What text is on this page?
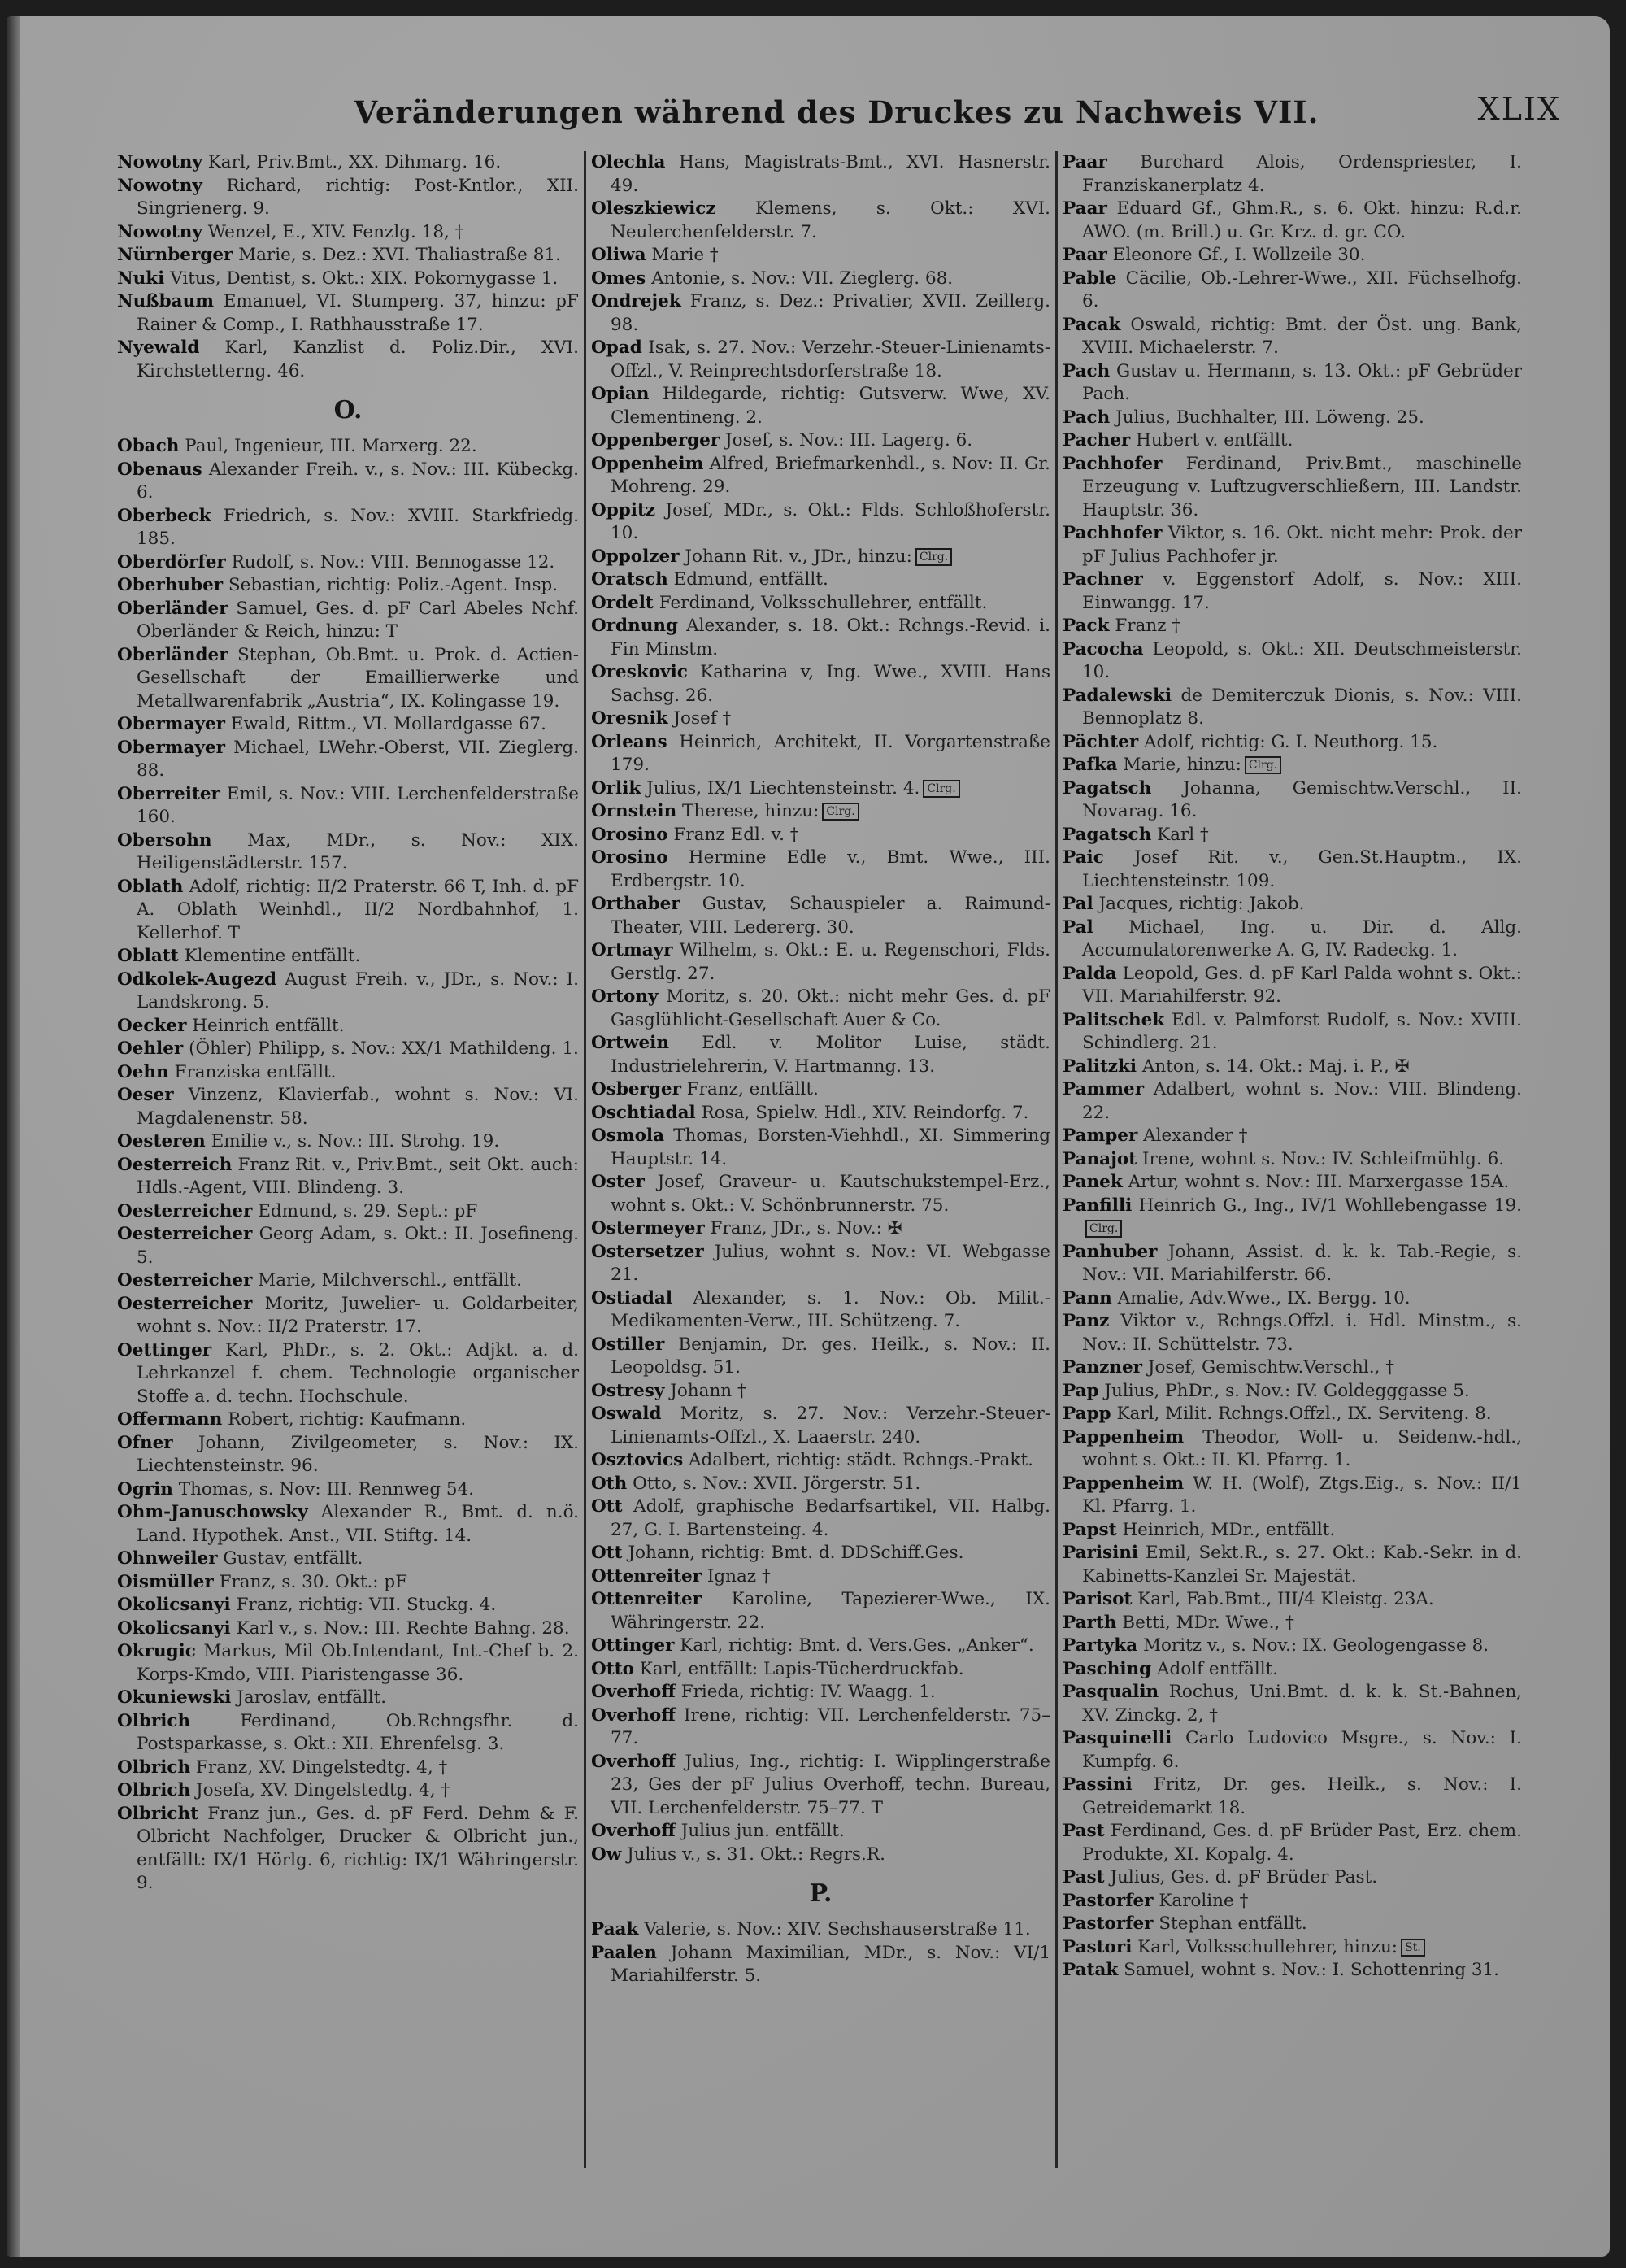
Veränderungen während des Druckes zu Nachweis VII.	XLIX

Nowotny Karl, Priv.Bmt., XX. Dihmarg. 16.

Nowotny Richard, richtig: Post-Kntlor., XII. Singrienerg. 9.

Nowotny Wenzel, E., XIV. Fenzlg. 18, †

Nürnberger Marie, s. Dez.: XVI. Thaliastraße 81.

Nuki Vitus, Dentist, s. Okt.: XIX. Pokornygasse 1.

Nußbaum Emanuel, VI. Stumperg. 37, hinzu: pF Rainer & Comp., I. Rathhausstraße 17.

Nyewald Karl, Kanzlist d. Poliz.Dir., XVI. Kirchstetterng. 46.

O.

Obach Paul, Ingenieur, III. Marxerg. 22.

Obenaus Alexander Freih. v., s. Nov.: III. Kübeckg. 6.

Oberbeck Friedrich, s. Nov.: XVIII. Starkfriedg. 185.

Oberdörfer Rudolf, s. Nov.: VIII. Bennogasse 12.

Oberhuber Sebastian, richtig: Poliz.-Agent. Insp.

Oberländer Samuel, Ges. d. pF Carl Abeles Nchf. Oberländer & Reich, hinzu: T

Oberländer Stephan, Ob.Bmt. u. Prok. d. Actien-Gesellschaft der Emaillierwerke und Metallwarenfabrik „Austria“, IX. Kolingasse 19.

Obermayer Ewald, Rittm., VI. Mollardgasse 67.

Obermayer Michael, LWehr.-Oberst, VII. Zieglerg. 88.

Oberreiter Emil, s. Nov.: VIII. Lerchenfelderstraße 160.

Obersohn Max, MDr., s. Nov.: XIX. Heiligenstädterstr. 157.

Oblath Adolf, richtig: II/2 Praterstr. 66 T, Inh. d. pF A. Oblath Weinhdl., II/2 Nordbahnhof, 1. Kellerhof. T

Oblatt Klementine entfällt.

Odkolek-Augezd August Freih. v., JDr., s. Nov.: I. Landskrong. 5.

Oecker Heinrich entfällt.

Oehler (Öhler) Philipp, s. Nov.: XX/1 Mathildeng. 1.

Oehn Franziska entfällt.

Oeser Vinzenz, Klavierfab., wohnt s. Nov.: VI. Magdalenenstr. 58.

Oesteren Emilie v., s. Nov.: III. Strohg. 19.

Oesterreich Franz Rit. v., Priv.Bmt., seit Okt. auch: Hdls.-Agent, VIII. Blindeng. 3.

Oesterreicher Edmund, s. 29. Sept.: pF

Oesterreicher Georg Adam, s. Okt.: II. Josefineng. 5.

Oesterreicher Marie, Milchverschl., entfällt.

Oesterreicher Moritz, Juwelier- u. Goldarbeiter, wohnt s. Nov.: II/2 Praterstr. 17.

Oettinger Karl, PhDr., s. 2. Okt.: Adjkt. a. d. Lehrkanzel f. chem. Technologie organischer Stoffe a. d. techn. Hochschule.

Offermann Robert, richtig: Kaufmann.

Ofner Johann, Zivilgeometer, s. Nov.: IX. Liechtensteinstr. 96.

Ogrin Thomas, s. Nov: III. Rennweg 54.

Ohm-Januschowsky Alexander R., Bmt. d. n.ö. Land. Hypothek. Anst., VII. Stiftg. 14.

Ohnweiler Gustav, entfällt.

Oismüller Franz, s. 30. Okt.: pF

Okolicsanyi Franz, richtig: VII. Stuckg. 4.

Okolicsanyi Karl v., s. Nov.: III. Rechte Bahng. 28.

Okrugic Markus, Mil Ob.Intendant, Int.-Chef b. 2. Korps-Kmdo, VIII. Piaristengasse 36.

Okuniewski Jaroslav, entfällt.

Olbrich	Ferdinand, Ob.Rchngsfhr. d. Postsparkasse, s. Okt.: XII. Ehrenfelsg. 3.

Olbrich Franz, XV. Dingelstedtg. 4, †

Olbrich Josefa, XV. Dingelstedtg. 4, †

Olbricht Franz jun., Ges. d. pF Ferd. Dehm & F. Olbricht Nachfolger, Drucker & Olbricht jun., entfällt: IX/1 Hörlg. 6, richtig: IX/1 Währingerstr. 9.

Olechla Hans, Magistrats-Bmt., XVI. Hasnerstr. 49.

Oleszkiewicz Klemens, s. Okt.: XVI. Neulerchenfelderstr. 7.

Oliwa Marie †

Omes Antonie, s. Nov.: VII. Zieglerg. 68.

Ondrejek Franz, s. Dez.: Privatier, XVII. Zeillerg. 98.

Opad Isak, s. 27. Nov.: Verzehr.-Steuer-Linienamts-Offzl., V. Reinprechtsdorferstraße 18.

Opian Hildegarde, richtig: Gutsverw. Wwe, XV. Clementineng. 2.

Oppenberger Josef, s. Nov.: III. Lagerg. 6.

Oppenheim Alfred, Briefmarkenhdl., s. Nov: II. Gr. Mohreng. 29.

Oppitz Josef, MDr., s. Okt.: Flds. Schloßhoferstr. 10.

Oppolzer Johann Rit. v., JDr., hinzu: Clrg.

Oratsch Edmund, entfällt.

Ordelt Ferdinand, Volksschullehrer, entfällt.

Ordnung Alexander, s. 18. Okt.: Rchngs.-Revid. i. Fin Minstm.

Oreskovic Katharina v, Ing. Wwe., XVIII. Hans Sachsg. 26.

Oresnik Josef †

Orleans Heinrich, Architekt, II. Vorgartenstraße 179.

Orlik Julius, IX/1 Liechtensteinstr. 4. Clrg.

Ornstein Therese, hinzu: Clrg.

Orosino Franz Edl. v. †

Orosino Hermine Edle v., Bmt. Wwe., III. Erdbergstr. 10.

Orthaber Gustav, Schauspieler a. Raimund-Theater, VIII. Ledererg. 30.

Ortmayr Wilhelm, s. Okt.: E. u. Regenschori, Flds. Gerstlg. 27.

Ortony Moritz, s. 20. Okt.: nicht mehr Ges. d. pF Gasglühlicht-Gesellschaft Auer & Co.

Ortwein Edl. v. Molitor Luise, städt. Industrielehrerin, V. Hartmanng. 13.

Osberger Franz, entfällt.

Oschtiadal Rosa, Spielw. Hdl., XIV. Reindorfg. 7.

Osmola Thomas, Borsten-Viehhdl., XI. Simmering Hauptstr. 14.

Oster Josef, Graveur- u. Kautschukstempel-Erz., wohnt s. Okt.: V. Schönbrunnerstr. 75.

Ostermeyer Franz, JDr., s. Nov.: ✠

Ostersetzer Julius, wohnt s. Nov.: VI. Webgasse 21.

Ostiadal Alexander, s. 1. Nov.: Ob. Milit.-Medikamenten-Verw., III. Schützeng. 7.

Ostiller Benjamin, Dr. ges. Heilk., s. Nov.: II. Leopoldsg. 51.

Ostresy Johann †

Oswald Moritz, s. 27. Nov.: Verzehr.-Steuer-Linienamts-Offzl., X. Laaerstr. 240.

Osztovics Adalbert, richtig: städt. Rchngs.-Prakt.

Oth Otto, s. Nov.: XVII. Jörgerstr. 51.

Ott Adolf, graphische Bedarfsartikel, VII. Halbg. 27, G. I. Bartensteing. 4.

Ott Johann, richtig: Bmt. d. DDSchiff.Ges.

Ottenreiter Ignaz †

Ottenreiter Karoline, Tapezierer-Wwe., IX. Währingerstr. 22.

Ottinger Karl, richtig: Bmt. d. Vers.Ges. „Anker“.

Otto Karl, entfällt: Lapis-Tücherdruckfab.

Overhoff Frieda, richtig: IV. Waagg. 1.

Overhoff Irene, richtig: VII. Lerchenfelderstr. 75–77.

Overhoff Julius, Ing., richtig: I. Wipplingerstraße 23, Ges der pF Julius Overhoff, techn. Bureau, VII. Lerchenfelderstr. 75–77. T

Overhoff Julius jun. entfällt.

Ow Julius v., s. 31. Okt.: Regrs.R.

P.

Paak Valerie, s. Nov.: XIV. Sechshauserstraße 11.

Paalen Johann Maximilian, MDr., s. Nov.: VI/1 Mariahilferstr. 5.

Paar Burchard Alois, Ordenspriester, I. Franziskanerplatz 4.

Paar Eduard Gf., Ghm.R., s. 6. Okt. hinzu: R.d.r. AWO. (m. Brill.) u. Gr. Krz. d. gr. CO.

Paar Eleonore Gf., I. Wollzeile 30.

Pable Cäcilie, Ob.-Lehrer-Wwe., XII. Füchselhofg. 6.

Pacak Oswald, richtig: Bmt. der Öst. ung. Bank, XVIII. Michaelerstr. 7.

Pach Gustav u. Hermann, s. 13. Okt.: pF Gebrüder Pach.

Pach Julius, Buchhalter, III. Löweng. 25.

Pacher Hubert v. entfällt.

Pachhofer Ferdinand, Priv.Bmt., maschinelle Erzeugung v. Luftzugverschließern, III. Landstr. Hauptstr. 36.

Pachhofer Viktor, s. 16. Okt. nicht mehr: Prok. der pF Julius Pachhofer jr.

Pachner v. Eggenstorf Adolf, s. Nov.: XIII. Einwangg. 17.

Pack Franz †

Pacocha Leopold, s. Okt.: XII. Deutschmeisterstr. 10.

Padalewski de Demiterczuk Dionis, s. Nov.: VIII. Bennoplatz 8.

Pächter Adolf, richtig: G. I. Neuthorg. 15.

Pafka Marie, hinzu: Clrg.

Pagatsch Johanna, Gemischtw.Verschl., II. Novarag. 16.

Pagatsch Karl †

Paic Josef Rit. v., Gen.St.Hauptm., IX. Liechtensteinstr. 109.

Pal Jacques, richtig: Jakob.

Pal Michael, Ing. u. Dir. d. Allg. Accumulatorenwerke A. G, IV. Radeckg. 1.

Palda Leopold, Ges. d. pF Karl Palda wohnt s. Okt.: VII. Mariahilferstr. 92.

Palitschek Edl. v. Palmforst Rudolf, s. Nov.: XVIII. Schindlerg. 21.

Palitzki Anton, s. 14. Okt.: Maj. i. P., ✠

Pammer Adalbert, wohnt s. Nov.: VIII. Blindeng. 22.

Pamper Alexander †

Panajot Irene, wohnt s. Nov.: IV. Schleifmühlg. 6.

Panek Artur, wohnt s. Nov.: III. Marxergasse 15A.

Panfilli Heinrich G., Ing., IV/1 Wohllebengasse 19.Clrg.

Panhuber Johann, Assist. d. k. k. Tab.-Regie, s. Nov.: VII. Mariahilferstr. 66.

Pann Amalie, Adv.Wwe., IX. Bergg. 10.

Panz Viktor v., Rchngs.Offzl. i. Hdl. Minstm., s. Nov.: II. Schüttelstr. 73.

Panzner Josef, Gemischtw.Verschl., †

Pap Julius, PhDr., s. Nov.: IV. Goldegggasse 5.

Papp Karl, Milit. Rchngs.Offzl., IX. Serviteng. 8.

Pappenheim Theodor, Woll- u. Seidenw.-hdl., wohnt s. Okt.: II. Kl. Pfarrg. 1.

Pappenheim W. H. (Wolf), Ztgs.Eig., s. Nov.: II/1 Kl. Pfarrg. 1.

Papst Heinrich, MDr., entfällt.

Parisini Emil, Sekt.R., s. 27. Okt.: Kab.-Sekr. in d. Kabinetts-Kanzlei Sr. Majestät.

Parisot Karl, Fab.Bmt., III/4 Kleistg. 23A.

Parth Betti, MDr. Wwe., †

Partyka Moritz v., s. Nov.: IX. Geologengasse 8.

Pasching Adolf entfällt.

Pasqualin Rochus, Uni.Bmt. d. k. k. St.-Bahnen, XV. Zinckg. 2, †

Pasquinelli Carlo Ludovico Msgre., s. Nov.: I. Kumpfg. 6.

Passini Fritz, Dr. ges. Heilk., s. Nov.: I. Getreidemarkt 18.

Past Ferdinand, Ges. d. pF Brüder Past, Erz. chem. Produkte, XI. Kopalg. 4.

Past Julius, Ges. d. pF Brüder Past.

Pastorfer Karoline †

Pastorfer Stephan entfällt.

Pastori Karl, Volksschullehrer, hinzu: St.

Patak Samuel, wohnt s. Nov.: I. Schottenring 31.
